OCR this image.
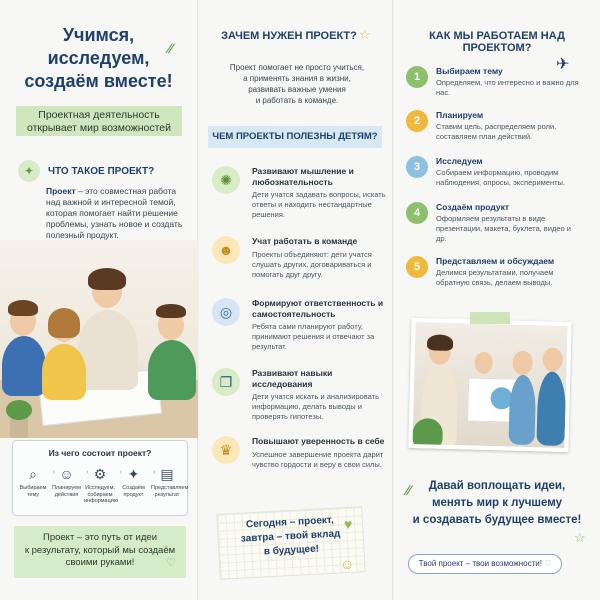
Учимся,
исследуем,
создаём вместе!
⁄⁄
Проектная деятельность
открывает мир возможностей
✦	ЧТО ТАКОЕ ПРОЕКТ?
Проект – это совместная работа над важной и интересной темой, которая помогает найти решение проблемы, узнать новое и создать полезный продукт.
Из чего состоит проект?
⌕
Выбираем тему
› ☺
Планируем действия
› ⚙
Исследуем, собираем информацию
› ✦
Создаём продукт
› ▤
Представляем результат
Проект – это путь от идеи
к результату, который мы создаём
своими руками!	♡
ЗАЧЕМ НУЖЕН ПРОЕКТ? ☆
Проект помогает не просто учиться,
а применять знания в жизни,
развивать важные умения
и работать в команде.
ЧЕМ ПРОЕКТЫ ПОЛЕЗНЫ ДЕТЯМ?
✺
Развивают мышление и любознательность
Дети учатся задавать вопросы, искать ответы и находить нестандартные решения.
☻
Учат работать в команде
Проекты объединяют: дети учатся слушать других, договариваться и помогать друг другу.
◎
Формируют ответственность и самостоятельность
Ребята сами планируют работу, принимают решения и отвечают за результат.
❐
Развивают навыки исследования
Дети учатся искать и анализировать информацию, делать выводы и проверять гипотезы.
♛
Повышают уверенность в себе
Успешное завершение проекта дарит чувство гордости и веру в свои силы.
Сегодня – проект,
завтра – твой вклад
в будущее!
♥
☺
КАК МЫ РАБОТАЕМ НАД ПРОЕКТОМ?
✈
1	Выбираем тему
Определяем, что интересно и важно для нас.
2	Планируем
Ставим цель, распределяем роли, составляем план действий.
3	Исследуем
Собираем информацию, проводим наблюдения, опросы, эксперименты.
4	Создаём продукт
Оформляем результаты в виде презентации, макета, буклета, видео и др.
5	Представляем и обсуждаем
Делимся результатами, получаем обратную связь, делаем выводы.
Давай воплощать идеи,
менять мир к лучшему
и создавать будущее вместе!
⁄⁄
☆
Твой проект – твои возможности! ♡
